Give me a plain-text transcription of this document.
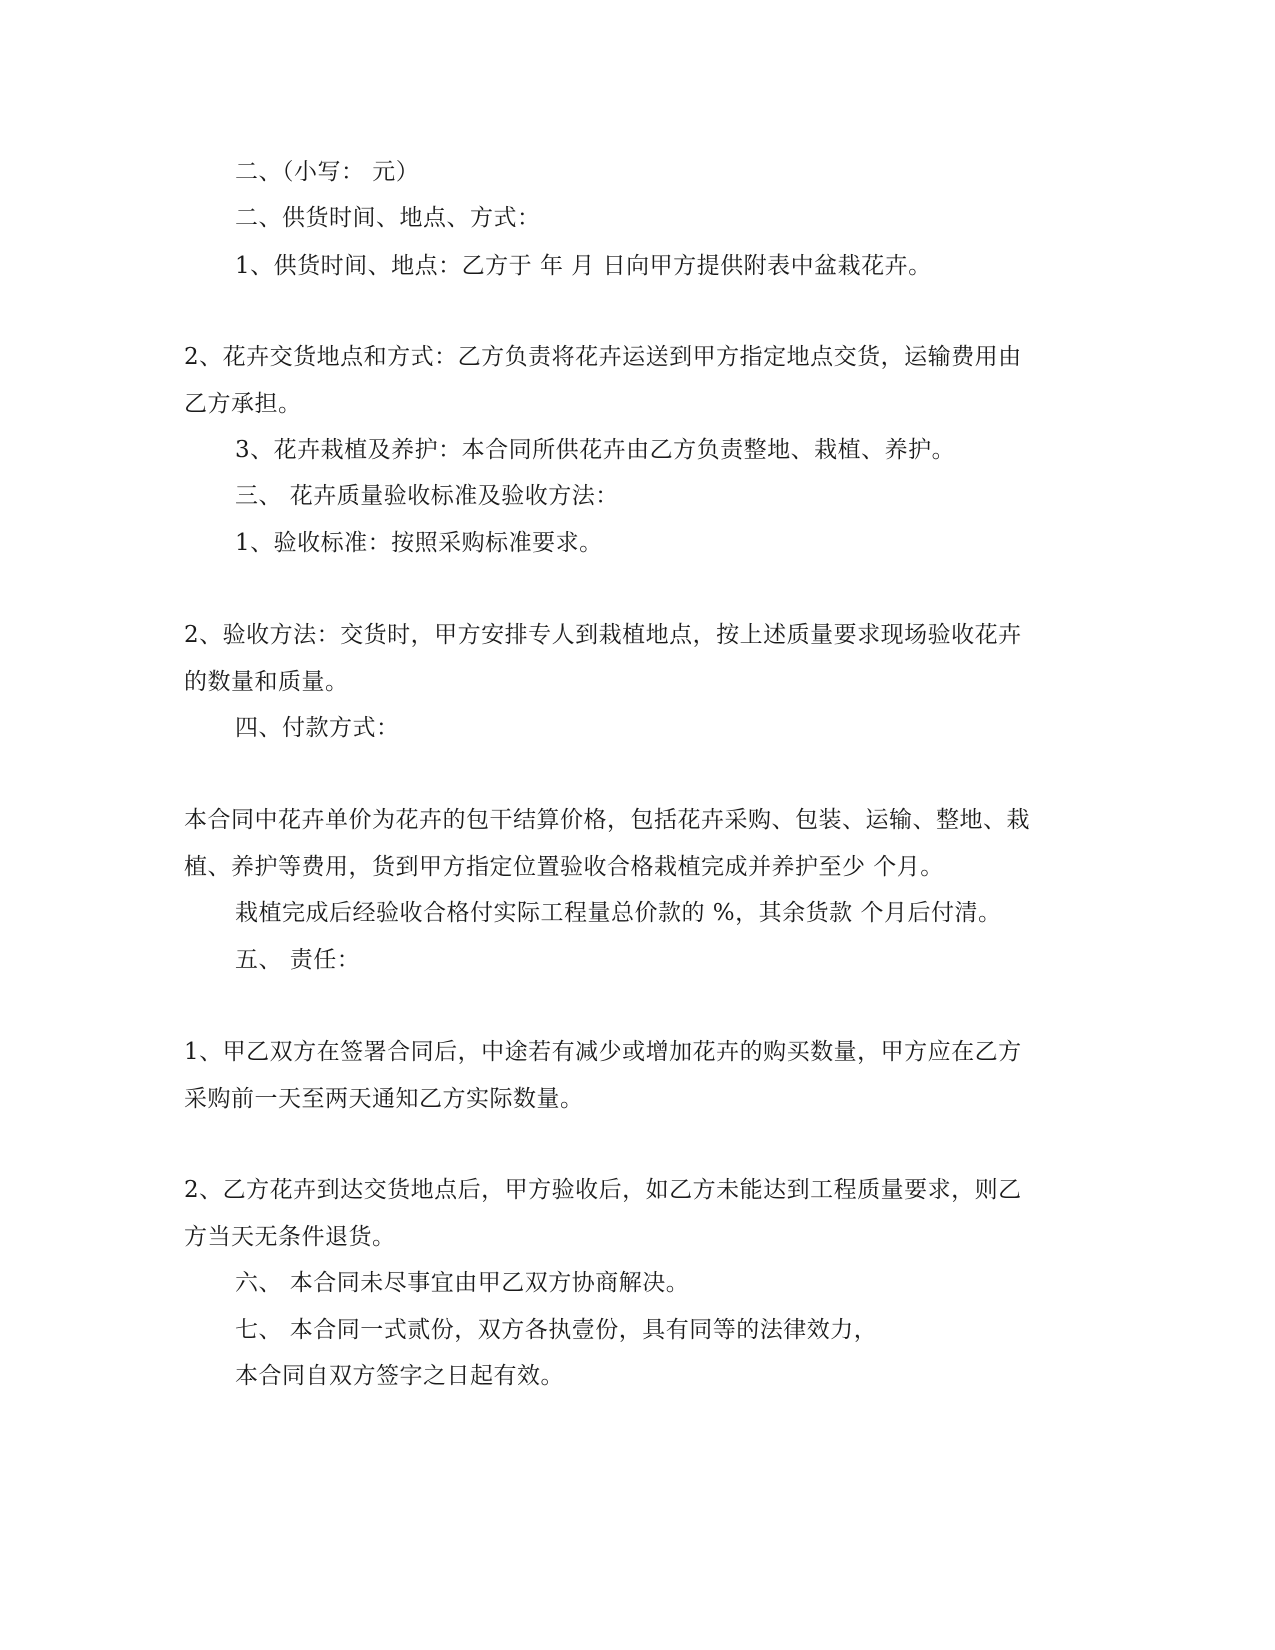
二、（小写： 元）
二、供货时间、地点、方式：
1、供货时间、地点：乙方于 年 月 日向甲方提供附表中盆栽花卉。
2、花卉交货地点和方式：乙方负责将花卉运送到甲方指定地点交货，运输费用由
乙方承担。
3、花卉栽植及养护：本合同所供花卉由乙方负责整地、栽植、养护。
三、 花卉质量验收标准及验收方法：
1、验收标准：按照采购标准要求。
2、验收方法：交货时，甲方安排专人到栽植地点，按上述质量要求现场验收花卉
的数量和质量。
四、付款方式：
本合同中花卉单价为花卉的包干结算价格，包括花卉采购、包装、运输、整地、栽
植、养护等费用，货到甲方指定位置验收合格栽植完成并养护至少 个月。
栽植完成后经验收合格付实际工程量总价款的 %，其余货款 个月后付清。
五、 责任：
1、甲乙双方在签署合同后，中途若有减少或增加花卉的购买数量，甲方应在乙方
采购前一天至两天通知乙方实际数量。
2、乙方花卉到达交货地点后，甲方验收后，如乙方未能达到工程质量要求，则乙
方当天无条件退货。
六、 本合同未尽事宜由甲乙双方协商解决。
七、 本合同一式贰份，双方各执壹份，具有同等的法律效力，
本合同自双方签字之日起有效。
